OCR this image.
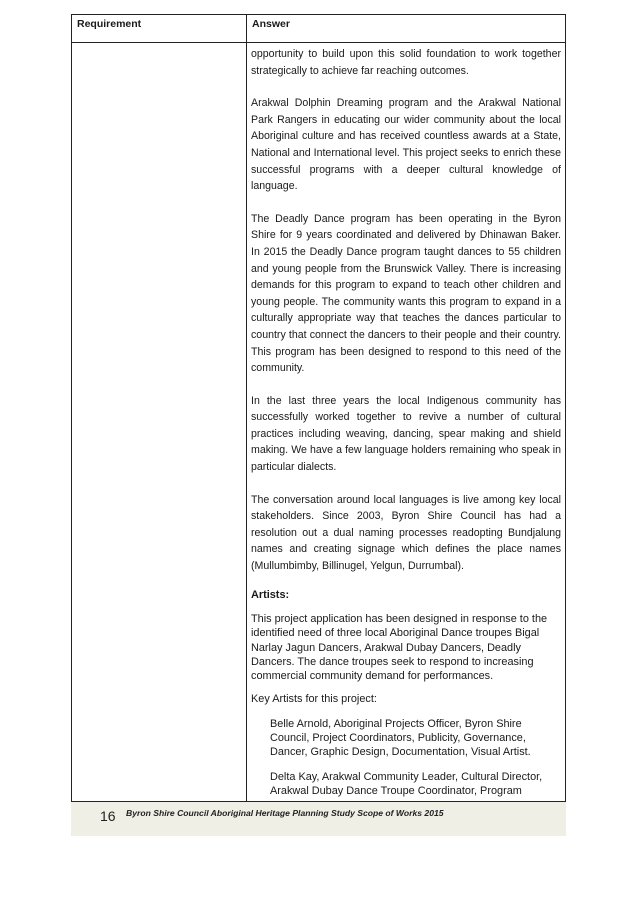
Requirement	Answer

opportunity to build upon this solid foundation to work together strategically to achieve far reaching outcomes.

Arakwal Dolphin Dreaming program and the Arakwal National Park Rangers in educating our wider community about the local Aboriginal culture and has received countless awards at a State, National and International level. This project seeks to enrich these successful programs with a deeper cultural knowledge of language.

The Deadly Dance program has been operating in the Byron Shire for 9 years coordinated and delivered by Dhinawan Baker. In 2015 the Deadly Dance program taught dances to 55 children and young people from the Brunswick Valley. There is increasing demands for this program to expand to teach other children and young people. The community wants this program to expand in a culturally appropriate way that teaches the dances particular to country that connect the dancers to their people and their country. This program has been designed to respond to this need of the community.

In the last three years the local Indigenous community has successfully worked together to revive a number of cultural practices including weaving, dancing, spear making and shield making. We have a few language holders remaining who speak in particular dialects.

The conversation around local languages is live among key local stakeholders. Since 2003, Byron Shire Council has had a resolution out a dual naming processes readopting Bundjalung names and creating signage which defines the place names (Mullumbimby, Billinugel, Yelgun, Durrumbal).

Artists:

This project application has been designed in response to the identified need of three local Aboriginal Dance troupes Bigal Narlay Jagun Dancers, Arakwal Dubay Dancers, Deadly Dancers. The dance troupes seek to respond to increasing commercial community demand for performances.

Key Artists for this project:

Belle Arnold, Aboriginal Projects Officer, Byron Shire Council, Project Coordinators, Publicity, Governance, Dancer, Graphic Design, Documentation, Visual Artist.

Delta Kay, Arakwal Community Leader, Cultural Director, Arakwal Dubay Dance Troupe Coordinator, Program

16 Byron Shire Council Aboriginal Heritage Planning Study Scope of Works 2015
